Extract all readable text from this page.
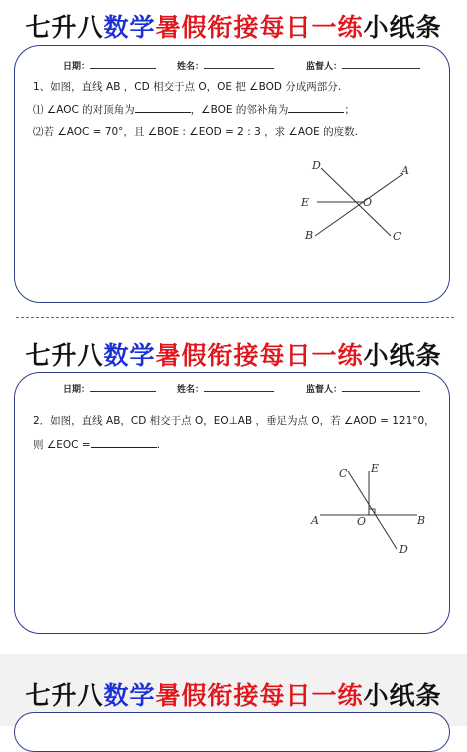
七升八数学暑假衔接每日一练小纸条
日期：	姓名：	监督人：
1、如图，直线 AB ，CD 相交于点 O，OE 把 ∠BOD 分成两部分.
⑴ ∠AOC 的对顶角为	，∠BOE 的邻补角为	；
⑵若 ∠AOC = 70°，且 ∠BOE : ∠EOD = 2 : 3 ，求 ∠AOE 的度数.
D	A
E	O
B	C
七升八数学暑假衔接每日一练小纸条
日期：	姓名：	监督人：
2．如图，直线 AB，CD 相交于点 O，EO⊥AB ，垂足为点 O，若 ∠AOD = 121°0，
则 ∠EOC =	.
C E
A	O	B
D
七升八数学暑假衔接每日一练小纸条
